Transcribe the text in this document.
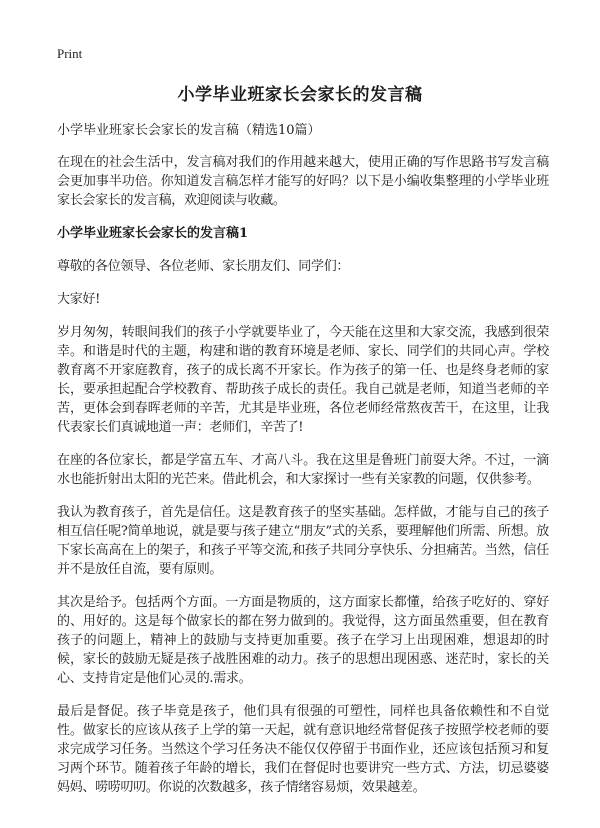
Print
小学毕业班家长会家长的发言稿

小学毕业班家长会家长的发言稿（精选10篇）

在现在的社会生活中，发言稿对我们的作用越来越大，使用正确的写作思路书写发言稿会更加事半功倍。你知道发言稿怎样才能写的好吗？以下是小编收集整理的小学毕业班家长会家长的发言稿，欢迎阅读与收藏。

小学毕业班家长会家长的发言稿1

尊敬的各位领导、各位老师、家长朋友们、同学们：

大家好!

岁月匆匆，转眼间我们的孩子小学就要毕业了，今天能在这里和大家交流，我感到很荣幸。和谐是时代的主题，构建和谐的教育环境是老师、家长、同学们的共同心声。学校教育离不开家庭教育，孩子的成长离不开家长。作为孩子的第一任、也是终身老师的家长，要承担起配合学校教育、帮助孩子成长的责任。我自己就是老师，知道当老师的辛苦，更体会到春晖老师的辛苦，尤其是毕业班，各位老师经常熬夜苦干，在这里，让我代表家长们真诚地道一声：老师们，辛苦了!

在座的各位家长，都是学富五车、才高八斗。我在这里是鲁班门前耍大斧。不过，一滴水也能折射出太阳的光芒来。借此机会，和大家探讨一些有关家教的问题，仅供参考。

我认为教育孩子，首先是信任。这是教育孩子的坚实基础。怎样做，才能与自己的孩子相互信任呢?简单地说，就是要与孩子建立“朋友”式的关系，要理解他们所需、所想。放下家长高高在上的架子，和孩子平等交流,和孩子共同分享快乐、分担痛苦。当然，信任并不是放任自流，要有原则。

其次是给予。包括两个方面。一方面是物质的，这方面家长都懂，给孩子吃好的、穿好的、用好的。这是每个做家长的都在努力做到的。我觉得，这方面虽然重要，但在教育孩子的问题上，精神上的鼓励与支持更加重要。孩子在学习上出现困难，想退却的时候，家长的鼓励无疑是孩子战胜困难的动力。孩子的思想出现困惑、迷茫时，家长的关心、支持肯定是他们心灵的.需求。

最后是督促。孩子毕竟是孩子，他们具有很强的可塑性，同样也具备依赖性和不自觉性。做家长的应该从孩子上学的第一天起，就有意识地经常督促孩子按照学校老师的要求完成学习任务。当然这个学习任务决不能仅仅停留于书面作业，还应该包括预习和复习两个环节。随着孩子年龄的增长，我们在督促时也要讲究一些方式、方法，切忌婆婆妈妈、唠唠叨叨。你说的次数越多，孩子情绪容易烦，效果越差。
